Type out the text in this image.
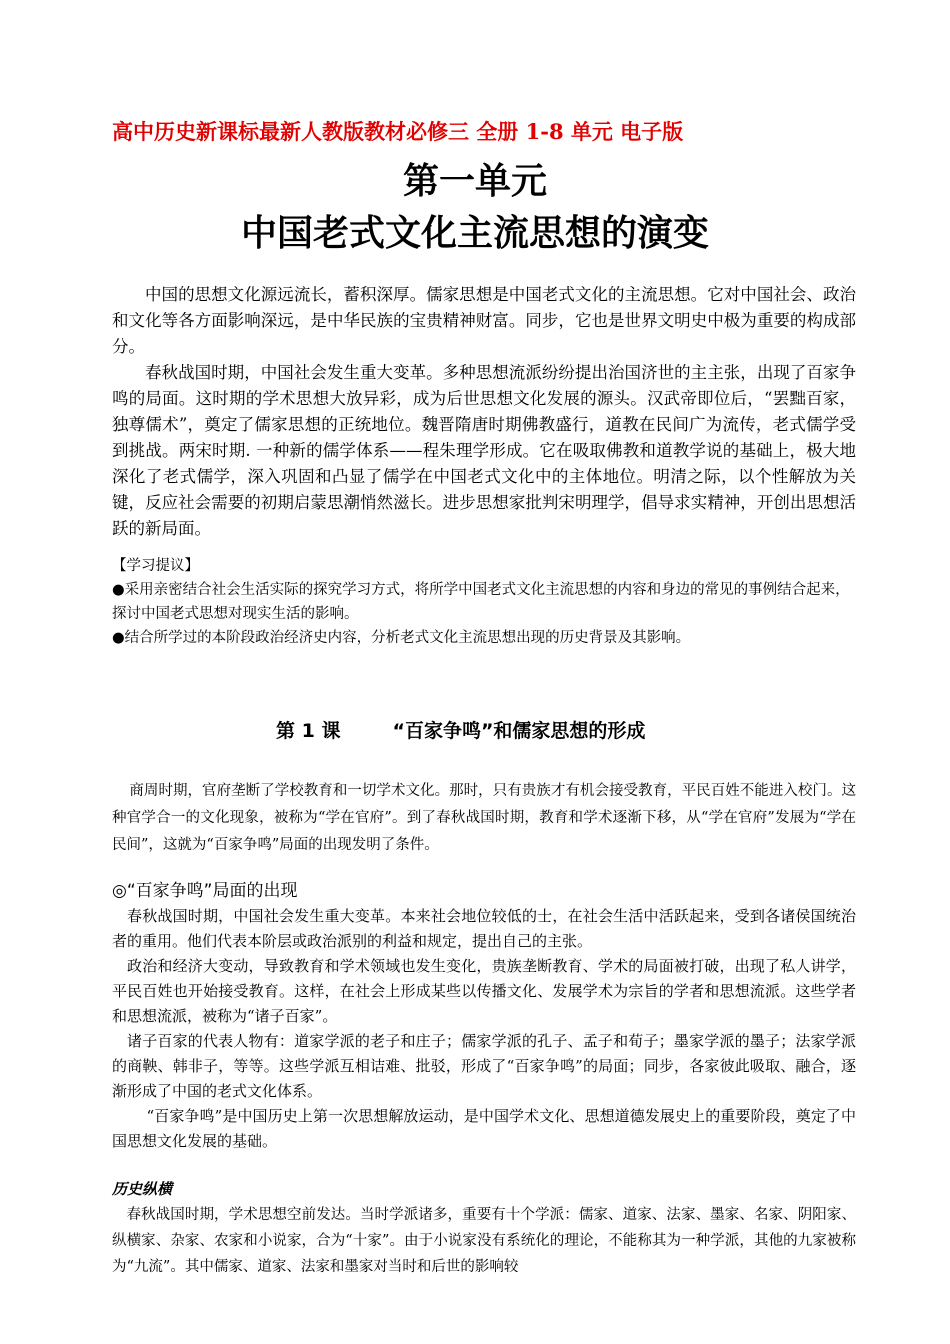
高中历史新课标最新人教版教材必修三 全册 1-8 单元 电子版
第一单元
中国老式文化主流思想的演变

中国的思想文化源远流长，蓄积深厚。儒家思想是中国老式文化的主流思想。它对中国社会、政治和文化等各方面影响深远，是中华民族的宝贵精神财富。同步，它也是世界文明史中极为重要的构成部分。

春秋战国时期，中国社会发生重大变革。多种思想流派纷纷提出治国济世的主主张，出现了百家争鸣的局面。这时期的学术思想大放异彩，成为后世思想文化发展的源头。汉武帝即位后，“罢黜百家，独尊儒术”，奠定了儒家思想的正统地位。魏晋隋唐时期佛教盛行，道教在民间广为流传，老式儒学受到挑战。两宋时期. 一种新的儒学体系——程朱理学形成。它在吸取佛教和道教学说的基础上，极大地深化了老式儒学，深入巩固和凸显了儒学在中国老式文化中的主体地位。明清之际，以个性解放为关键，反应社会需要的初期启蒙思潮悄然滋长。进步思想家批判宋明理学，倡导求实精神，开创出思想活跃的新局面。

【学习提议】

●采用亲密结合社会生活实际的探究学习方式，将所学中国老式文化主流思想的内容和身边的常见的事例结合起来，探讨中国老式思想对现实生活的影响。

●结合所学过的本阶段政治经济史内容，分析老式文化主流思想出现的历史背景及其影响。

第 1 课	“百家争鸣”和儒家思想的形成

商周时期，官府垄断了学校教育和一切学术文化。那时，只有贵族才有机会接受教育，平民百姓不能进入校门。这种官学合一的文化现象，被称为“学在官府”。到了春秋战国时期，教育和学术逐渐下移，从“学在官府”发展为“学在民间”，这就为“百家争鸣”局面的出现发明了条件。

◎“百家争鸣”局面的出现

春秋战国时期，中国社会发生重大变革。本来社会地位较低的士，在社会生活中活跃起来，受到各诸侯国统治者的重用。他们代表本阶层或政治派别的利益和规定，提出自己的主张。

政治和经济大变动，导致教育和学术领域也发生变化，贵族垄断教育、学术的局面被打破，出现了私人讲学，平民百姓也开始接受教育。这样，在社会上形成某些以传播文化、发展学术为宗旨的学者和思想流派。这些学者和思想流派，被称为“诸子百家”。

诸子百家的代表人物有：道家学派的老子和庄子；儒家学派的孔子、孟子和荀子；墨家学派的墨子；法家学派的商鞅、韩非子，等等。这些学派互相诘难、批驳，形成了“百家争鸣”的局面；同步，各家彼此吸取、融合，逐渐形成了中国的老式文化体系。

“百家争鸣”是中国历史上第一次思想解放运动，是中国学术文化、思想道德发展史上的重要阶段，奠定了中国思想文化发展的基础。

历史纵横

春秋战国时期，学术思想空前发达。当时学派诸多，重要有十个学派：儒家、道家、法家、墨家、名家、阴阳家、纵横家、杂家、农家和小说家，合为“十家”。由于小说家没有系统化的理论，不能称其为一种学派，其他的九家被称为“九流”。其中儒家、道家、法家和墨家对当时和后世的影响较
